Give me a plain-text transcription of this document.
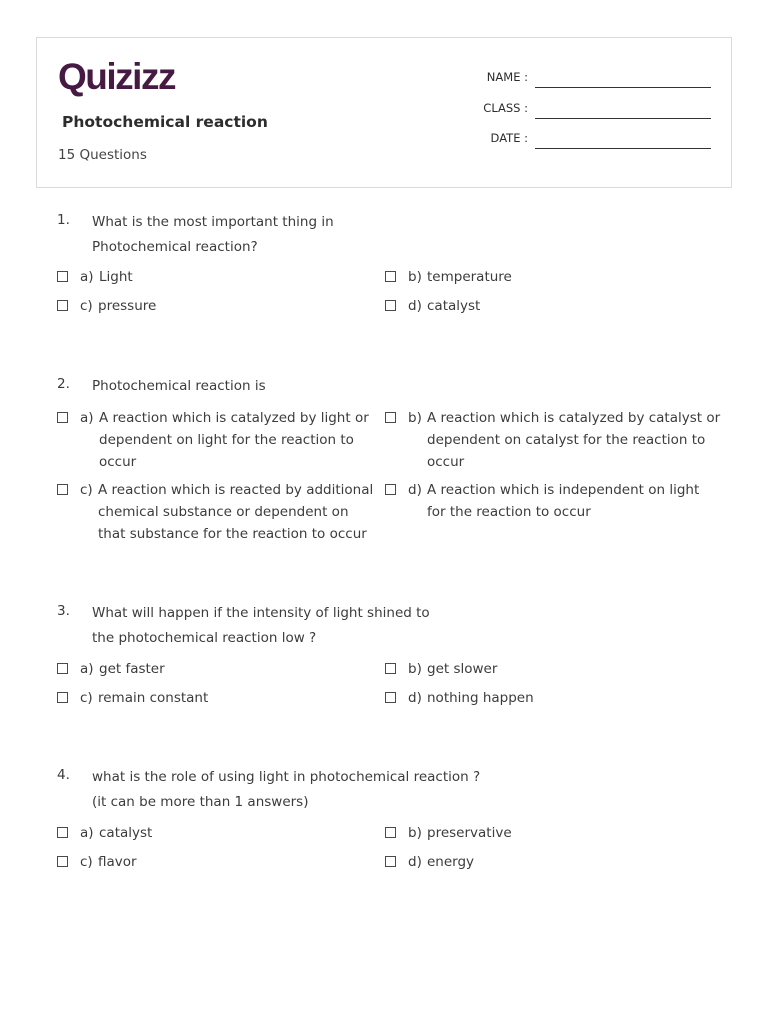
Quizizz
Photochemical reaction
15 Questions
NAME :
CLASS :
DATE :
1. What is the most important thing in Photochemical reaction?
a) Light	b) temperature
c) pressure	d) catalyst
2. Photochemical reaction is
a) A reaction which is catalyzed by light or dependent on light for the reaction to occur
b) A reaction which is catalyzed by catalyst or dependent on catalyst for the reaction to occur
c) A reaction which is reacted by additional chemical substance or dependent on that substance for the reaction to occur
d) A reaction which is independent on light for the reaction to occur
3. What will happen if the intensity of light shined to the photochemical reaction low ?
a) get faster	b) get slower
c) remain constant	d) nothing happen
4. what is the role of using light in photochemical reaction ? (it can be more than 1 answers)
a) catalyst	b) preservative
c) flavor	d) energy
